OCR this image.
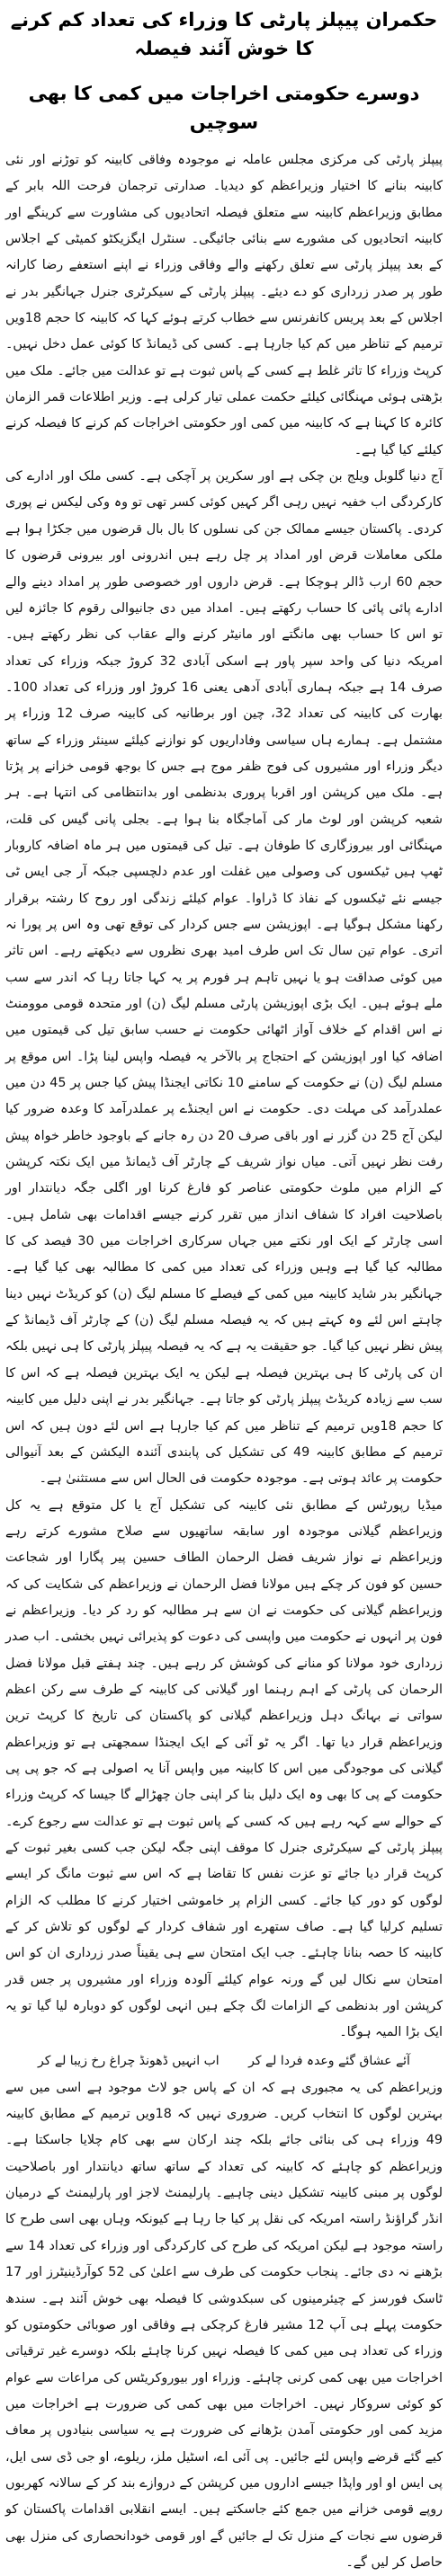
حکمران پیپلز پارٹی کا وزراء کی تعداد کم کرنے کا خوش آئند فیصلہ
دوسرے حکومتی اخراجات میں کمی کا بھی سوچیں

پیپلز پارٹی کی مرکزی مجلس عاملہ نے موجودہ وفاقی کابینہ کو توڑنے اور نئی کابینہ بنانے کا اختیار وزیراعظم کو دیدیا۔ صدارتی ترجمان فرحت اللہ بابر کے مطابق وزیراعظم کابینہ سے متعلق فیصلہ اتحادیوں کی مشاورت سے کرینگے اور کابینہ اتحادیوں کی مشورے سے بنائی جائیگی۔ سنٹرل ایگزیکٹو کمیٹی کے اجلاس کے بعد پیپلز پارٹی سے تعلق رکھنے والے وفاقی وزراء نے اپنے استعفے رضا کارانہ طور پر صدر زرداری کو دے دیئے۔ پیپلز پارٹی کے سیکرٹری جنرل جہانگیر بدر نے اجلاس کے بعد پریس کانفرنس سے خطاب کرتے ہوئے کہا کہ کابینہ کا حجم 18ویں ترمیم کے تناظر میں کم کیا جارہا ہے۔ کسی کی ڈیمانڈ کا کوئی عمل دخل نہیں۔ کرپٹ وزراء کا تاثر غلط ہے کسی کے پاس ثبوت ہے تو عدالت میں جائے۔ ملک میں بڑھتی ہوئی مہنگائی کیلئے حکمت عملی تیار کرلی ہے۔ وزیر اطلاعات قمر الزمان کائرہ کا کہنا ہے کہ کابینہ میں کمی اور حکومتی اخراجات کم کرنے کا فیصلہ کرنے کیلئے کیا گیا ہے۔

آج دنیا گلوبل ویلج بن چکی ہے اور سکرین پر آچکی ہے۔ کسی ملک اور ادارے کی کارکردگی اب خفیہ نہیں رہی اگر کہیں کوئی کسر تھی تو وہ وکی لیکس نے پوری کردی۔ پاکستان جیسے ممالک جن کی نسلوں کا بال بال قرضوں میں جکڑا ہوا ہے ملکی معاملات قرض اور امداد پر چل رہے ہیں اندرونی اور بیرونی قرضوں کا حجم 60 ارب ڈالر ہوچکا ہے۔ قرض داروں اور خصوصی طور پر امداد دینے والے ادارے پائی پائی کا حساب رکھتے ہیں۔ امداد میں دی جانیوالی رقوم کا جائزہ لیں تو اس کا حساب بھی مانگتے اور مانیٹر کرنے والے عقاب کی نظر رکھتے ہیں۔ امریکہ دنیا کی واحد سپر پاور ہے اسکی آبادی 32 کروڑ جبکہ وزراء کی تعداد صرف 14 ہے جبکہ ہماری آبادی آدھی یعنی 16 کروڑ اور وزراء کی تعداد 100۔ بھارت کی کابینہ کی تعداد 32، چین اور برطانیہ کی کابینہ صرف 12 وزراء پر مشتمل ہے۔ ہمارے ہاں سیاسی وفاداریوں کو نوازنے کیلئے سینئر وزراء کے ساتھ دیگر وزراء اور مشیروں کی فوج ظفر موج ہے جس کا بوجھ قومی خزانے پر پڑتا ہے۔ ملک میں کرپشن اور اقربا پروری بدنظمی اور بدانتظامی کی انتہا ہے۔ ہر شعبہ کرپشن اور لوٹ مار کی آماجگاہ بنا ہوا ہے۔ بجلی پانی گیس کی قلت، مہنگائی اور بیروزگاری کا طوفان ہے۔ تیل کی قیمتوں میں ہر ماہ اضافہ کاروبار ٹھپ ہیں ٹیکسوں کی وصولی میں غفلت اور عدم دلچسپی جبکہ آر جی ایس ٹی جیسے نئے ٹیکسوں کے نفاذ کا ڈراوا۔ عوام کیلئے زندگی اور روح کا رشتہ برقرار رکھنا مشکل ہوگیا ہے۔ اپوزیشن سے جس کردار کی توقع تھی وہ اس پر پورا نہ اتری۔ عوام تین سال تک اس طرف امید بھری نظروں سے دیکھتے رہے۔ اس تاثر میں کوئی صداقت ہو یا نہیں تاہم ہر فورم پر یہ کہا جاتا رہا کہ اندر سے سب ملے ہوئے ہیں۔ ایک بڑی اپوزیشن پارٹی مسلم لیگ (ن) اور متحدہ قومی موومنٹ نے اس اقدام کے خلاف آواز اٹھائی حکومت نے حسب سابق تیل کی قیمتوں میں اضافہ کیا اور اپوزیشن کے احتجاج پر بالآخر یہ فیصلہ واپس لینا پڑا۔ اس موقع پر مسلم لیگ (ن) نے حکومت کے سامنے 10 نکاتی ایجنڈا پیش کیا جس پر 45 دن میں عملدرآمد کی مہلت دی۔ حکومت نے اس ایجنڈے پر عملدرآمد کا وعدہ ضرور کیا لیکن آج 25 دن گزر نے اور باقی صرف 20 دن رہ جانے کے باوجود خاطر خواہ پیش رفت نظر نہیں آتی۔ میاں نواز شریف کے چارٹر آف ڈیمانڈ میں ایک نکتہ کرپشن کے الزام میں ملوث حکومتی عناصر کو فارغ کرنا اور اگلی جگہ دیانتدار اور باصلاحیت افراد کا شفاف انداز میں تقرر کرنے جیسے اقدامات بھی شامل ہیں۔ اسی چارٹر کے ایک اور نکتے میں جہاں سرکاری اخراجات میں 30 فیصد کی کا مطالبہ کیا گیا ہے وہیں وزراء کی تعداد میں کمی کا مطالبہ بھی کیا گیا ہے۔ جہانگیر بدر شاید کابینہ میں کمی کے فیصلے کا مسلم لیگ (ن) کو کریڈٹ نہیں دینا چاہتے اس لئے وہ کہتے ہیں کہ یہ فیصلہ مسلم لیگ (ن) کے چارٹر آف ڈیمانڈ کے پیش نظر نہیں کیا گیا۔ جو حقیقت یہ ہے کہ یہ فیصلہ پیپلز پارٹی کا ہی نہیں بلکہ ان کی پارٹی کا ہی بہترین فیصلہ ہے لیکن یہ ایک بہترین فیصلہ ہے کہ اس کا سب سے زیادہ کریڈٹ پیپلز پارٹی کو جاتا ہے۔ جہانگیر بدر نے اپنی دلیل میں کابینہ کا حجم 18ویں ترمیم کے تناظر میں کم کیا جارہا ہے اس لئے دون ہیں کہ اس ترمیم کے مطابق کابینہ 49 کی تشکیل کی پابندی آئندہ الیکشن کے بعد آنیوالی حکومت پر عائد ہوتی ہے۔ موجودہ حکومت فی الحال اس سے مستثنیٰ ہے۔

میڈیا رپورٹس کے مطابق نئی کابینہ کی تشکیل آج یا کل متوقع ہے یہ کل وزیراعظم گیلانی موجودہ اور سابقہ ساتھیوں سے صلاح مشورے کرتے رہے وزیراعظم نے نواز شریف فضل الرحمان الطاف حسین پیر پگارا اور شجاعت حسین کو فون کر چکے ہیں مولانا فضل الرحمان نے وزیراعظم کی شکایت کی کہ وزیراعظم گیلانی کی حکومت نے ان سے ہر مطالبہ کو رد کر دیا۔ وزیراعظم نے فون پر انہوں نے حکومت میں واپسی کی دعوت کو پذیرائی نہیں بخشی۔ اب صدر زرداری خود مولانا کو منانے کی کوشش کر رہے ہیں۔ چند ہفتے قبل مولانا فضل الرحمان کی پارٹی کے اہم رہنما اور گیلانی کی کابینہ کے طرف سے رکن اعظم سواتی نے بہانگ دہل وزیراعظم گیلانی کو پاکستان کی تاریخ کا کرپٹ ترین وزیراعظم قرار دیا تھا۔ اگر یہ ٹو آئی کے ایک ایجنڈا سمجھتی ہے تو وزیراعظم گیلانی کی موجودگی میں اس کا کابینہ میں واپس آنا یہ اصولی ہے کہ جو پی پی حکومت کے پی کا بھی وہ ایک دلیل بنا کر اپنی جان چھڑالے گا جیسا کہ کرپٹ وزراء کے حوالے سے کہہ رہے ہیں کہ کسی کے پاس ثبوت ہے تو عدالت سے رجوع کرے۔ پیپلز پارٹی کے سیکرٹری جنرل کا موقف اپنی جگہ لیکن جب کسی بغیر ثبوت کے کرپٹ قرار دیا جائے تو عزت نفس کا تقاضا ہے کہ اس سے ثبوت مانگ کر ایسے لوگوں کو دور کیا جائے۔ کسی الزام پر خاموشی اختیار کرنے کا مطلب کہ الزام تسلیم کرلیا گیا ہے۔ صاف ستھرے اور شفاف کردار کے لوگوں کو تلاش کر کے کابینہ کا حصہ بنانا چاہئے۔ جب ایک امتحان سے ہی یقیناً صدر زرداری ان کو اس امتحان سے نکال لیں گے ورنہ عوام کیلئے آلودہ وزراء اور مشیروں پر جس قدر کرپشن اور بدنظمی کے الزامات لگ چکے ہیں انہی لوگوں کو دوبارہ لیا گیا تو یہ ایک بڑا المیہ ہوگا۔

آئے عشاق گئے وعدہ فردا لے کر اب انہیں ڈھونڈ چراغ رخ زیبا لے کر

وزیراعظم کی یہ مجبوری ہے کہ ان کے پاس جو لاٹ موجود ہے اسی میں سے بہترین لوگوں کا انتخاب کریں۔ ضروری نہیں کہ 18ویں ترمیم کے مطابق کابینہ 49 وزراء ہی کی بنائی جائے بلکہ چند ارکان سے بھی کام چلایا جاسکتا ہے۔ وزیراعظم کو چاہئے کہ کابینہ کی تعداد کے ساتھ ساتھ دیانتدار اور باصلاحیت لوگوں پر مبنی کابینہ تشکیل دینی چاہیے۔ پارلیمنٹ لاجز اور پارلیمنٹ کے درمیان انڈر گراؤنڈ راستہ امریکہ کی نقل پر کیا جا رہا ہے کیونکہ وہاں بھی اسی طرح کا راستہ موجود ہے لیکن امریکہ کی طرح کی کارکردگی اور وزراء کی تعداد 14 سے بڑھنے نہ دی جائے۔ پنجاب حکومت کی طرف سے اعلیٰ کی 52 کوآرڈینیٹرز اور 17 ٹاسک فورسز کے چیئرمینوں کی سبکدوشی کا فیصلہ بھی خوش آئند ہے۔ سندھ حکومت پہلے ہی آپ 12 مشیر فارغ کرچکی ہے وفاقی اور صوبائی حکومتوں کو وزراء کی تعداد ہی میں کمی کا فیصلہ نہیں کرنا چاہئے بلکہ دوسرے غیر ترقیاتی اخراجات میں بھی کمی کرنی چاہئے۔ وزراء اور بیوروکریٹس کی مراعات سے عوام کو کوئی سروکار نہیں۔ اخراجات میں بھی کمی کی ضرورت ہے اخراجات میں مزید کمی اور حکومتی آمدن بڑھانے کی ضرورت ہے یہ سیاسی بنیادوں پر معاف کیے گئے قرضے واپس لئے جائیں۔ پی آئی اے، اسٹیل ملز، ریلوے، او جی ڈی سی ایل، پی ایس او اور واپڈا جیسے اداروں میں کرپشن کے دروازے بند کر کے سالانہ کھربوں روپے قومی خزانے میں جمع کئے جاسکتے ہیں۔ ایسے انقلابی اقدامات پاکستان کو قرضوں سے نجات کے منزل تک لے جائیں گے اور قومی خودانحصاری کی منزل بھی حاصل کر لیں گے۔
